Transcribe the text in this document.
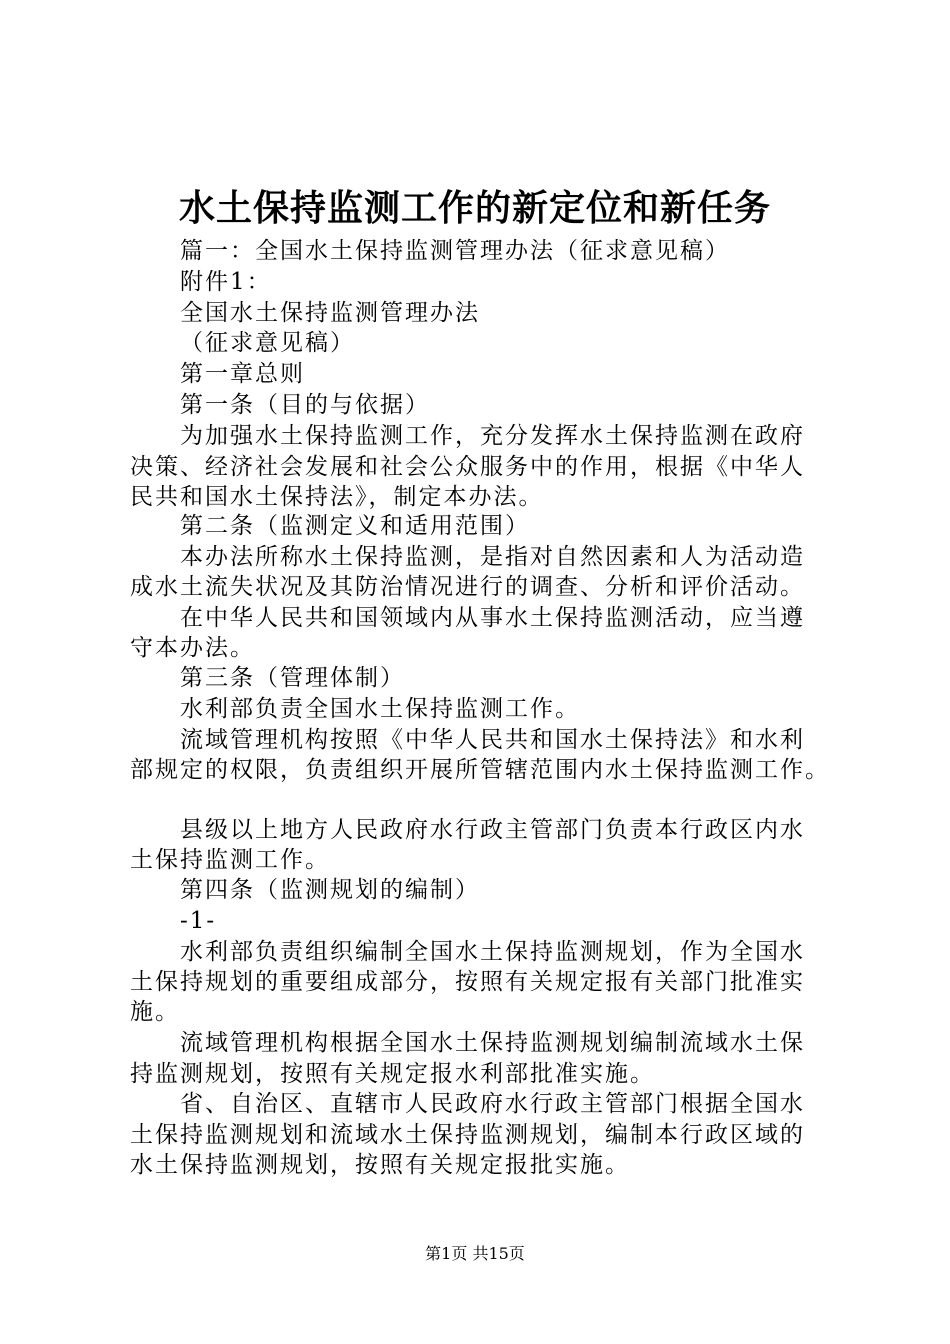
水土保持监测工作的新定位和新任务
篇一：全国水土保持监测管理办法（征求意见稿）
附件1：
全国水土保持监测管理办法
（征求意见稿）
第一章总则
第一条（目的与依据）
为加强水土保持监测工作，充分发挥水土保持监测在政府
决策、经济社会发展和社会公众服务中的作用，根据《中华人
民共和国水土保持法》，制定本办法。
第二条（监测定义和适用范围）
本办法所称水土保持监测，是指对自然因素和人为活动造
成水土流失状况及其防治情况进行的调查、分析和评价活动。
在中华人民共和国领域内从事水土保持监测活动，应当遵
守本办法。
第三条（管理体制）
水利部负责全国水土保持监测工作。
流域管理机构按照《中华人民共和国水土保持法》和水利
部规定的权限，负责组织开展所管辖范围内水土保持监测工作。
县级以上地方人民政府水行政主管部门负责本行政区内水
土保持监测工作。
第四条（监测规划的编制）
-1-
水利部负责组织编制全国水土保持监测规划，作为全国水
土保持规划的重要组成部分，按照有关规定报有关部门批准实
施。
流域管理机构根据全国水土保持监测规划编制流域水土保
持监测规划，按照有关规定报水利部批准实施。
省、自治区、直辖市人民政府水行政主管部门根据全国水
土保持监测规划和流域水土保持监测规划，编制本行政区域的
水土保持监测规划，按照有关规定报批实施。
第1页 共15页
